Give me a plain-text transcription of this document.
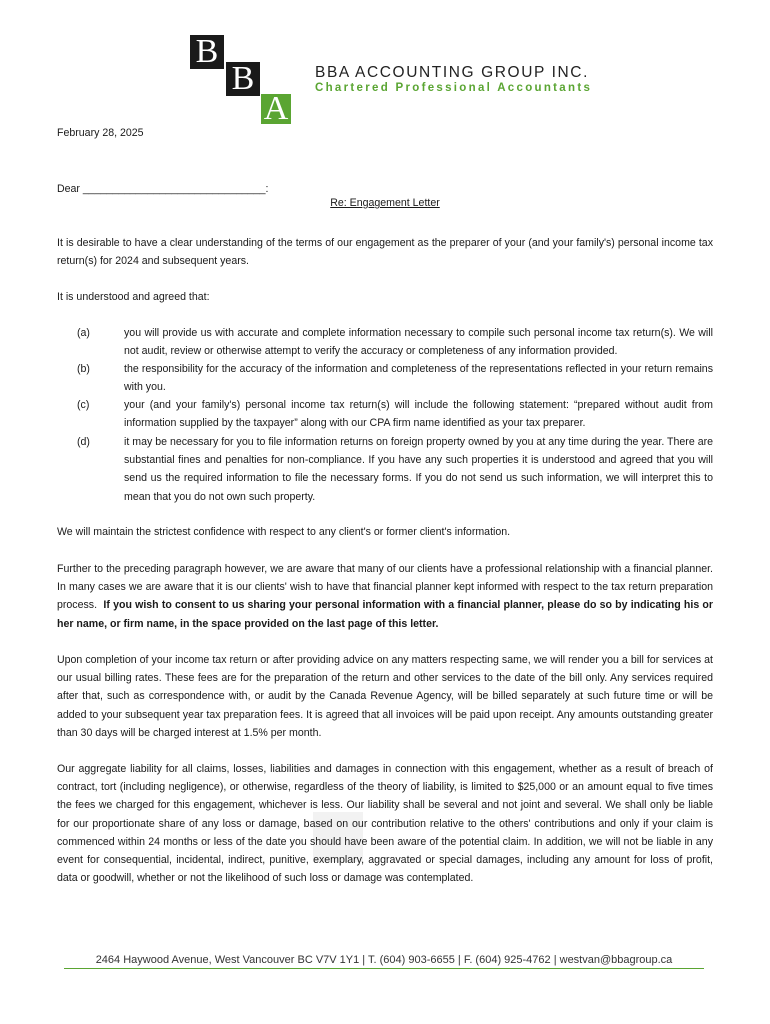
B
B
A
BBA ACCOUNTING GROUP INC.
Chartered Professional Accountants
February 28, 2025
Dear _______________________________:
Re: Engagement Letter
It is desirable to have a clear understanding of the terms of our engagement as the preparer of your (and your family's) personal income tax return(s) for 2024 and subsequent years.
It is understood and agreed that:
(a)	you will provide us with accurate and complete information necessary to compile such personal income tax return(s). We will not audit, review or otherwise attempt to verify the accuracy or completeness of any information provided.
(b)	the responsibility for the accuracy of the information and completeness of the representations reflected in your return remains with you.
(c)	your (and your family's) personal income tax return(s) will include the following statement: “prepared without audit from information supplied by the taxpayer” along with our CPA firm name identified as your tax preparer.
(d)	it may be necessary for you to file information returns on foreign property owned by you at any time during the year. There are substantial fines and penalties for non-compliance. If you have any such properties it is understood and agreed that you will send us the required information to file the necessary forms. If you do not send us such information, we will interpret this to mean that you do not own such property.
We will maintain the strictest confidence with respect to any client's or former client's information.
Further to the preceding paragraph however, we are aware that many of our clients have a professional relationship with a financial planner. In many cases we are aware that it is our clients' wish to have that financial planner kept informed with respect to the tax return preparation process. If you wish to consent to us sharing your personal information with a financial planner, please do so by indicating his or her name, or firm name, in the space provided on the last page of this letter.
Upon completion of your income tax return or after providing advice on any matters respecting same, we will render you a bill for services at our usual billing rates. These fees are for the preparation of the return and other services to the date of the bill only. Any services required after that, such as correspondence with, or audit by the Canada Revenue Agency, will be billed separately at such future time or will be added to your subsequent year tax preparation fees. It is agreed that all invoices will be paid upon receipt. Any amounts outstanding greater than 30 days will be charged interest at 1.5% per month.
Our aggregate liability for all claims, losses, liabilities and damages in connection with this engagement, whether as a result of breach of contract, tort (including negligence), or otherwise, regardless of the theory of liability, is limited to $25,000 or an amount equal to five times the fees we charged for this engagement, whichever is less. Our liability shall be several and not joint and several. We shall only be liable for our proportionate share of any loss or damage, based on our contribution relative to the others' contributions and only if your claim is commenced within 24 months or less of the date you should have been aware of the potential claim. In addition, we will not be liable in any event for consequential, incidental, indirect, punitive, exemplary, aggravated or special damages, including any amount for loss of profit, data or goodwill, whether or not the likelihood of such loss or damage was contemplated.
2464 Haywood Avenue, West Vancouver BC V7V 1Y1 | T. (604) 903-6655 | F. (604) 925-4762 | westvan@bbagroup.ca
